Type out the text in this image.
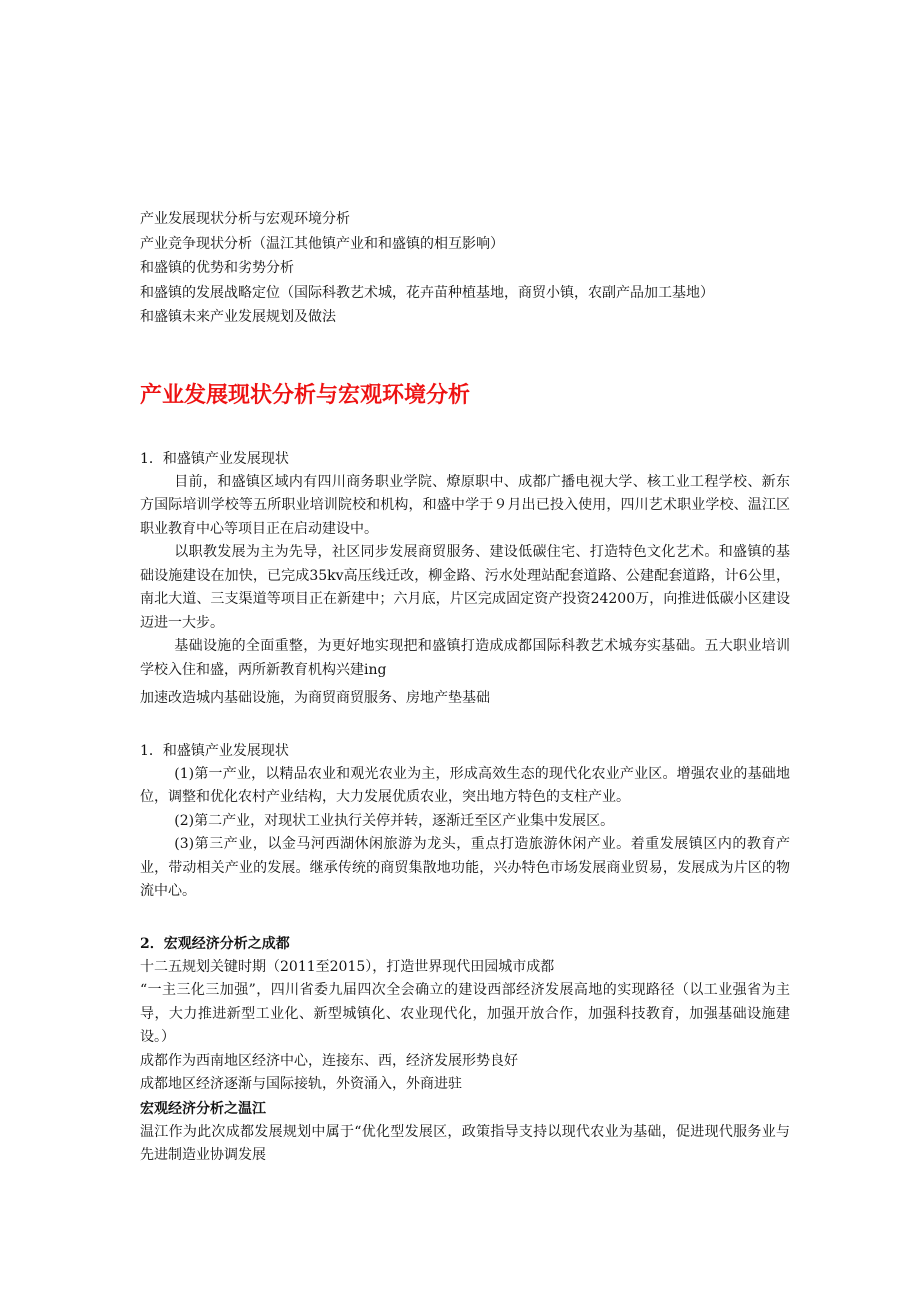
产业发展现状分析与宏观环境分析
产业竞争现状分析（温江其他镇产业和和盛镇的相互影响）
和盛镇的优势和劣势分析
和盛镇的发展战略定位（国际科教艺术城，花卉苗种植基地，商贸小镇，农副产品加工基地）
和盛镇未来产业发展规划及做法
产业发展现状分析与宏观环境分析
1．和盛镇产业发展现状
目前，和盛镇区域内有四川商务职业学院、燎原职中、成都广播电视大学、核工业工程学校、新东方国际培训学校等五所职业培训院校和机构，和盛中学于９月出已投入使用，四川艺术职业学校、温江区职业教育中心等项目正在启动建设中。
以职教发展为主为先导，社区同步发展商贸服务、建设低碳住宅、打造特色文化艺术。和盛镇的基础设施建设在加快，已完成35kv高压线迁改，柳金路、污水处理站配套道路、公建配套道路，计6公里，南北大道、三支渠道等项目正在新建中；六月底，片区完成固定资产投资24200万，向推进低碳小区建设迈进一大步。
基础设施的全面重整，为更好地实现把和盛镇打造成成都国际科教艺术城夯实基础。五大职业培训学校入住和盛，两所新教育机构兴建ing
加速改造城内基础设施，为商贸商贸服务、房地产垫基础
1．和盛镇产业发展现状
(1)第一产业，以精品农业和观光农业为主，形成高效生态的现代化农业产业区。增强农业的基础地位，调整和优化农村产业结构，大力发展优质农业，突出地方特色的支柱产业。
(2)第二产业，对现状工业执行关停并转，逐渐迁至区产业集中发展区。
(3)第三产业，以金马河西湖休闲旅游为龙头，重点打造旅游休闲产业。着重发展镇区内的教育产业，带动相关产业的发展。继承传统的商贸集散地功能，兴办特色市场发展商业贸易，发展成为片区的物流中心。
2．宏观经济分析之成都
十二五规划关键时期（2011至2015），打造世界现代田园城市成都
“一主三化三加强”，四川省委九届四次全会确立的建设西部经济发展高地的实现路径（以工业强省为主导，大力推进新型工业化、新型城镇化、农业现代化，加强开放合作，加强科技教育，加强基础设施建设。）
成都作为西南地区经济中心，连接东、西，经济发展形势良好
成都地区经济逐渐与国际接轨，外资涌入，外商进驻
宏观经济分析之温江
温江作为此次成都发展规划中属于“优化型发展区，政策指导支持以现代农业为基础，促进现代服务业与先进制造业协调发展
